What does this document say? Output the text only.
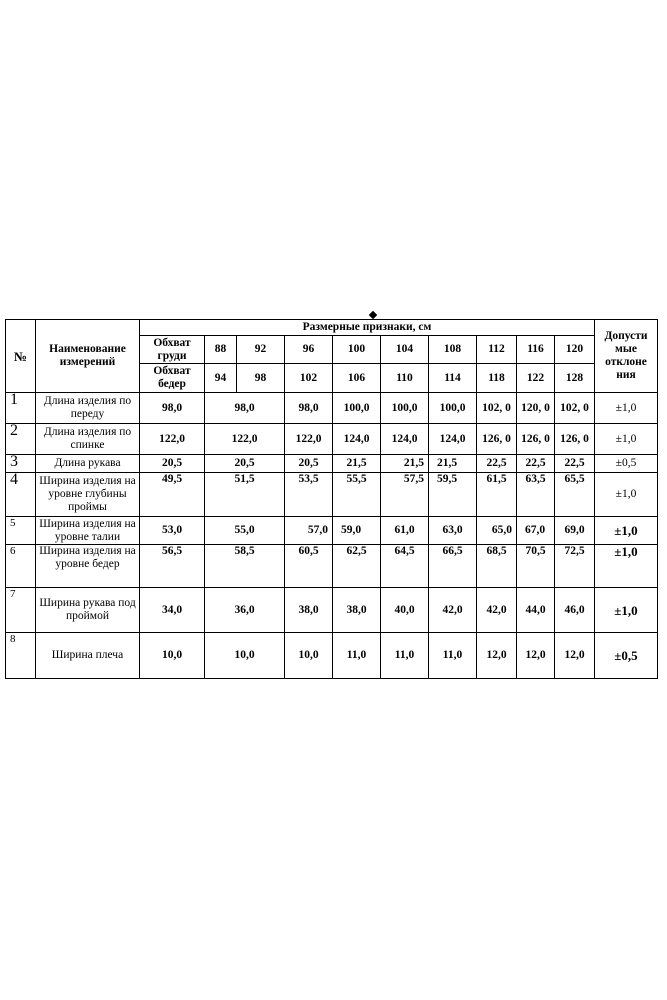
№	Наименование измерений	Размерные признаки, см										Допусти мые отклоне ния
		Обхват груди	88	92	96	100	104	108	112	116	120	
		Обхват бедер	94	98	102	106	110	114	118	122	128	
1	Длина изделия по переду	98,0	98,0		98,0	100,0	100,0	100,0	102, 0	120, 0	102, 0	±1,0
2	Длина изделия по спинке	122,0	122,0		122,0	124,0	124,0	124,0	126, 0	126, 0	126, 0	±1,0
3	Длина рукава	20,5	20,5		20,5	21,5	21,5	21,5	22,5	22,5	22,5	±0,5
4	Ширина изделия на уровне глубины проймы	49,5	51,5		53,5	55,5	57,5	59,5	61,5	63,5	65,5	±1,0
5	Ширина изделия на уровне талии	53,0	55,0		57,0	59,0	61,0	63,0	65,0	67,0	69,0	±1,0
6	Ширина изделия на уровне бедер	56,5	58,5		60,5	62,5	64,5	66,5	68,5	70,5	72,5	±1,0
7	Ширина рукава под проймой	34,0	36,0		38,0	38,0	40,0	42,0	42,0	44,0	46,0	±1,0
8	Ширина плеча	10,0	10,0		10,0	11,0	11,0	11,0	12,0	12,0	12,0	±0,5
